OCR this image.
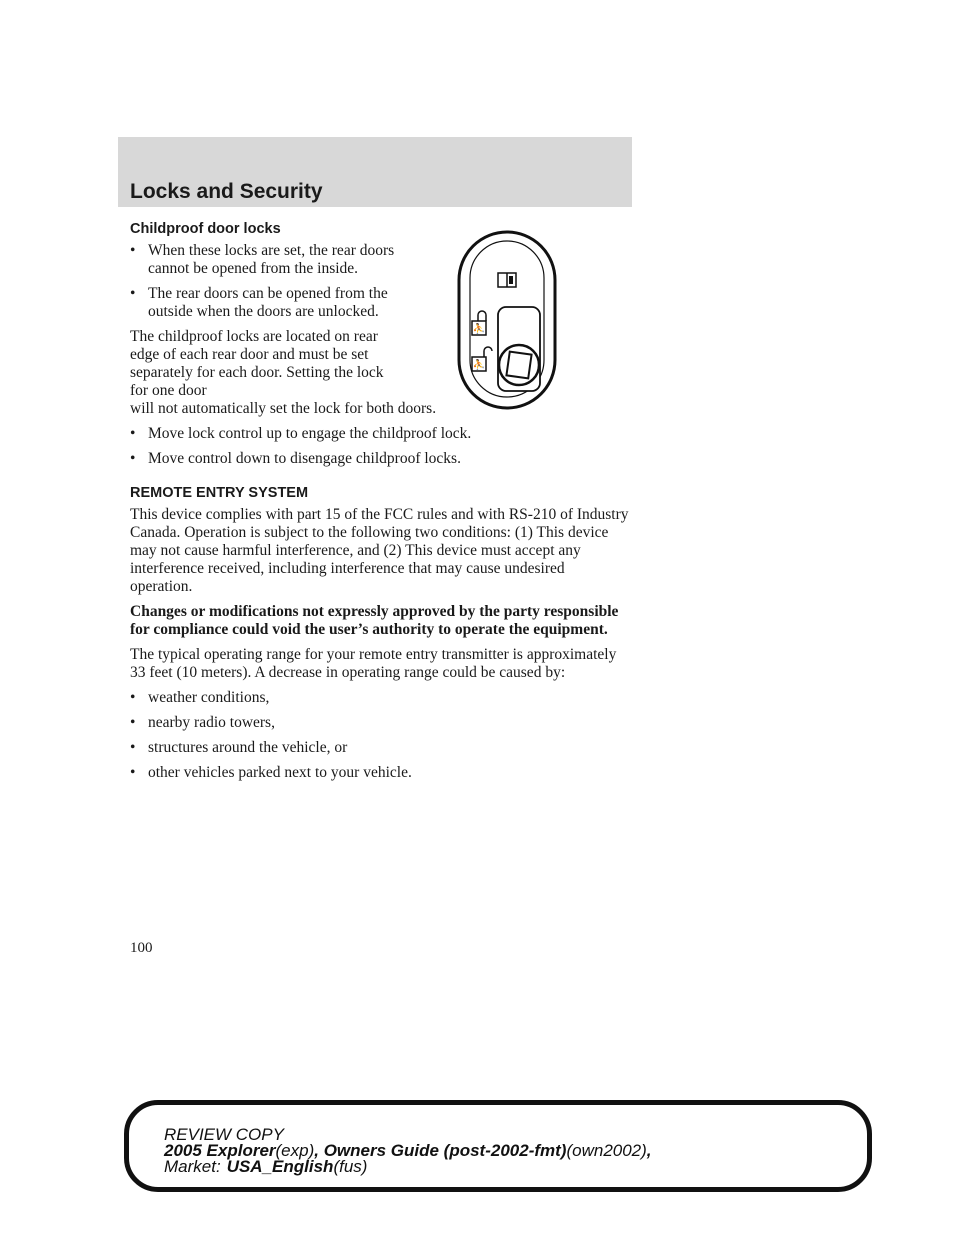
Locks and Security
⛹
⛹
Childproof door locks
• When these locks are set, the rear doors cannot be opened from the inside.
• The rear doors can be opened from the outside when the doors are unlocked.
The childproof locks are located on rear edge of each rear door and must be set separately for each door. Setting the lock for one door
will not automatically set the lock for both doors.
• Move lock control up to engage the childproof lock.
• Move control down to disengage childproof locks.
REMOTE ENTRY SYSTEM
This device complies with part 15 of the FCC rules and with RS-210 of Industry Canada. Operation is subject to the following two conditions: (1) This device may not cause harmful interference, and (2) This device must accept any interference received, including interference that may cause undesired operation.
Changes or modifications not expressly approved by the party responsible for compliance could void the user’s authority to operate the equipment.
The typical operating range for your remote entry transmitter is approximately 33 feet (10 meters). A decrease in operating range could be caused by:
• weather conditions,
• nearby radio towers,
• structures around the vehicle, or
• other vehicles parked next to your vehicle.
100
REVIEW COPY
2005 Explorer(exp), Owners Guide (post-2002-fmt)(own2002),
Market: USA_English(fus)
